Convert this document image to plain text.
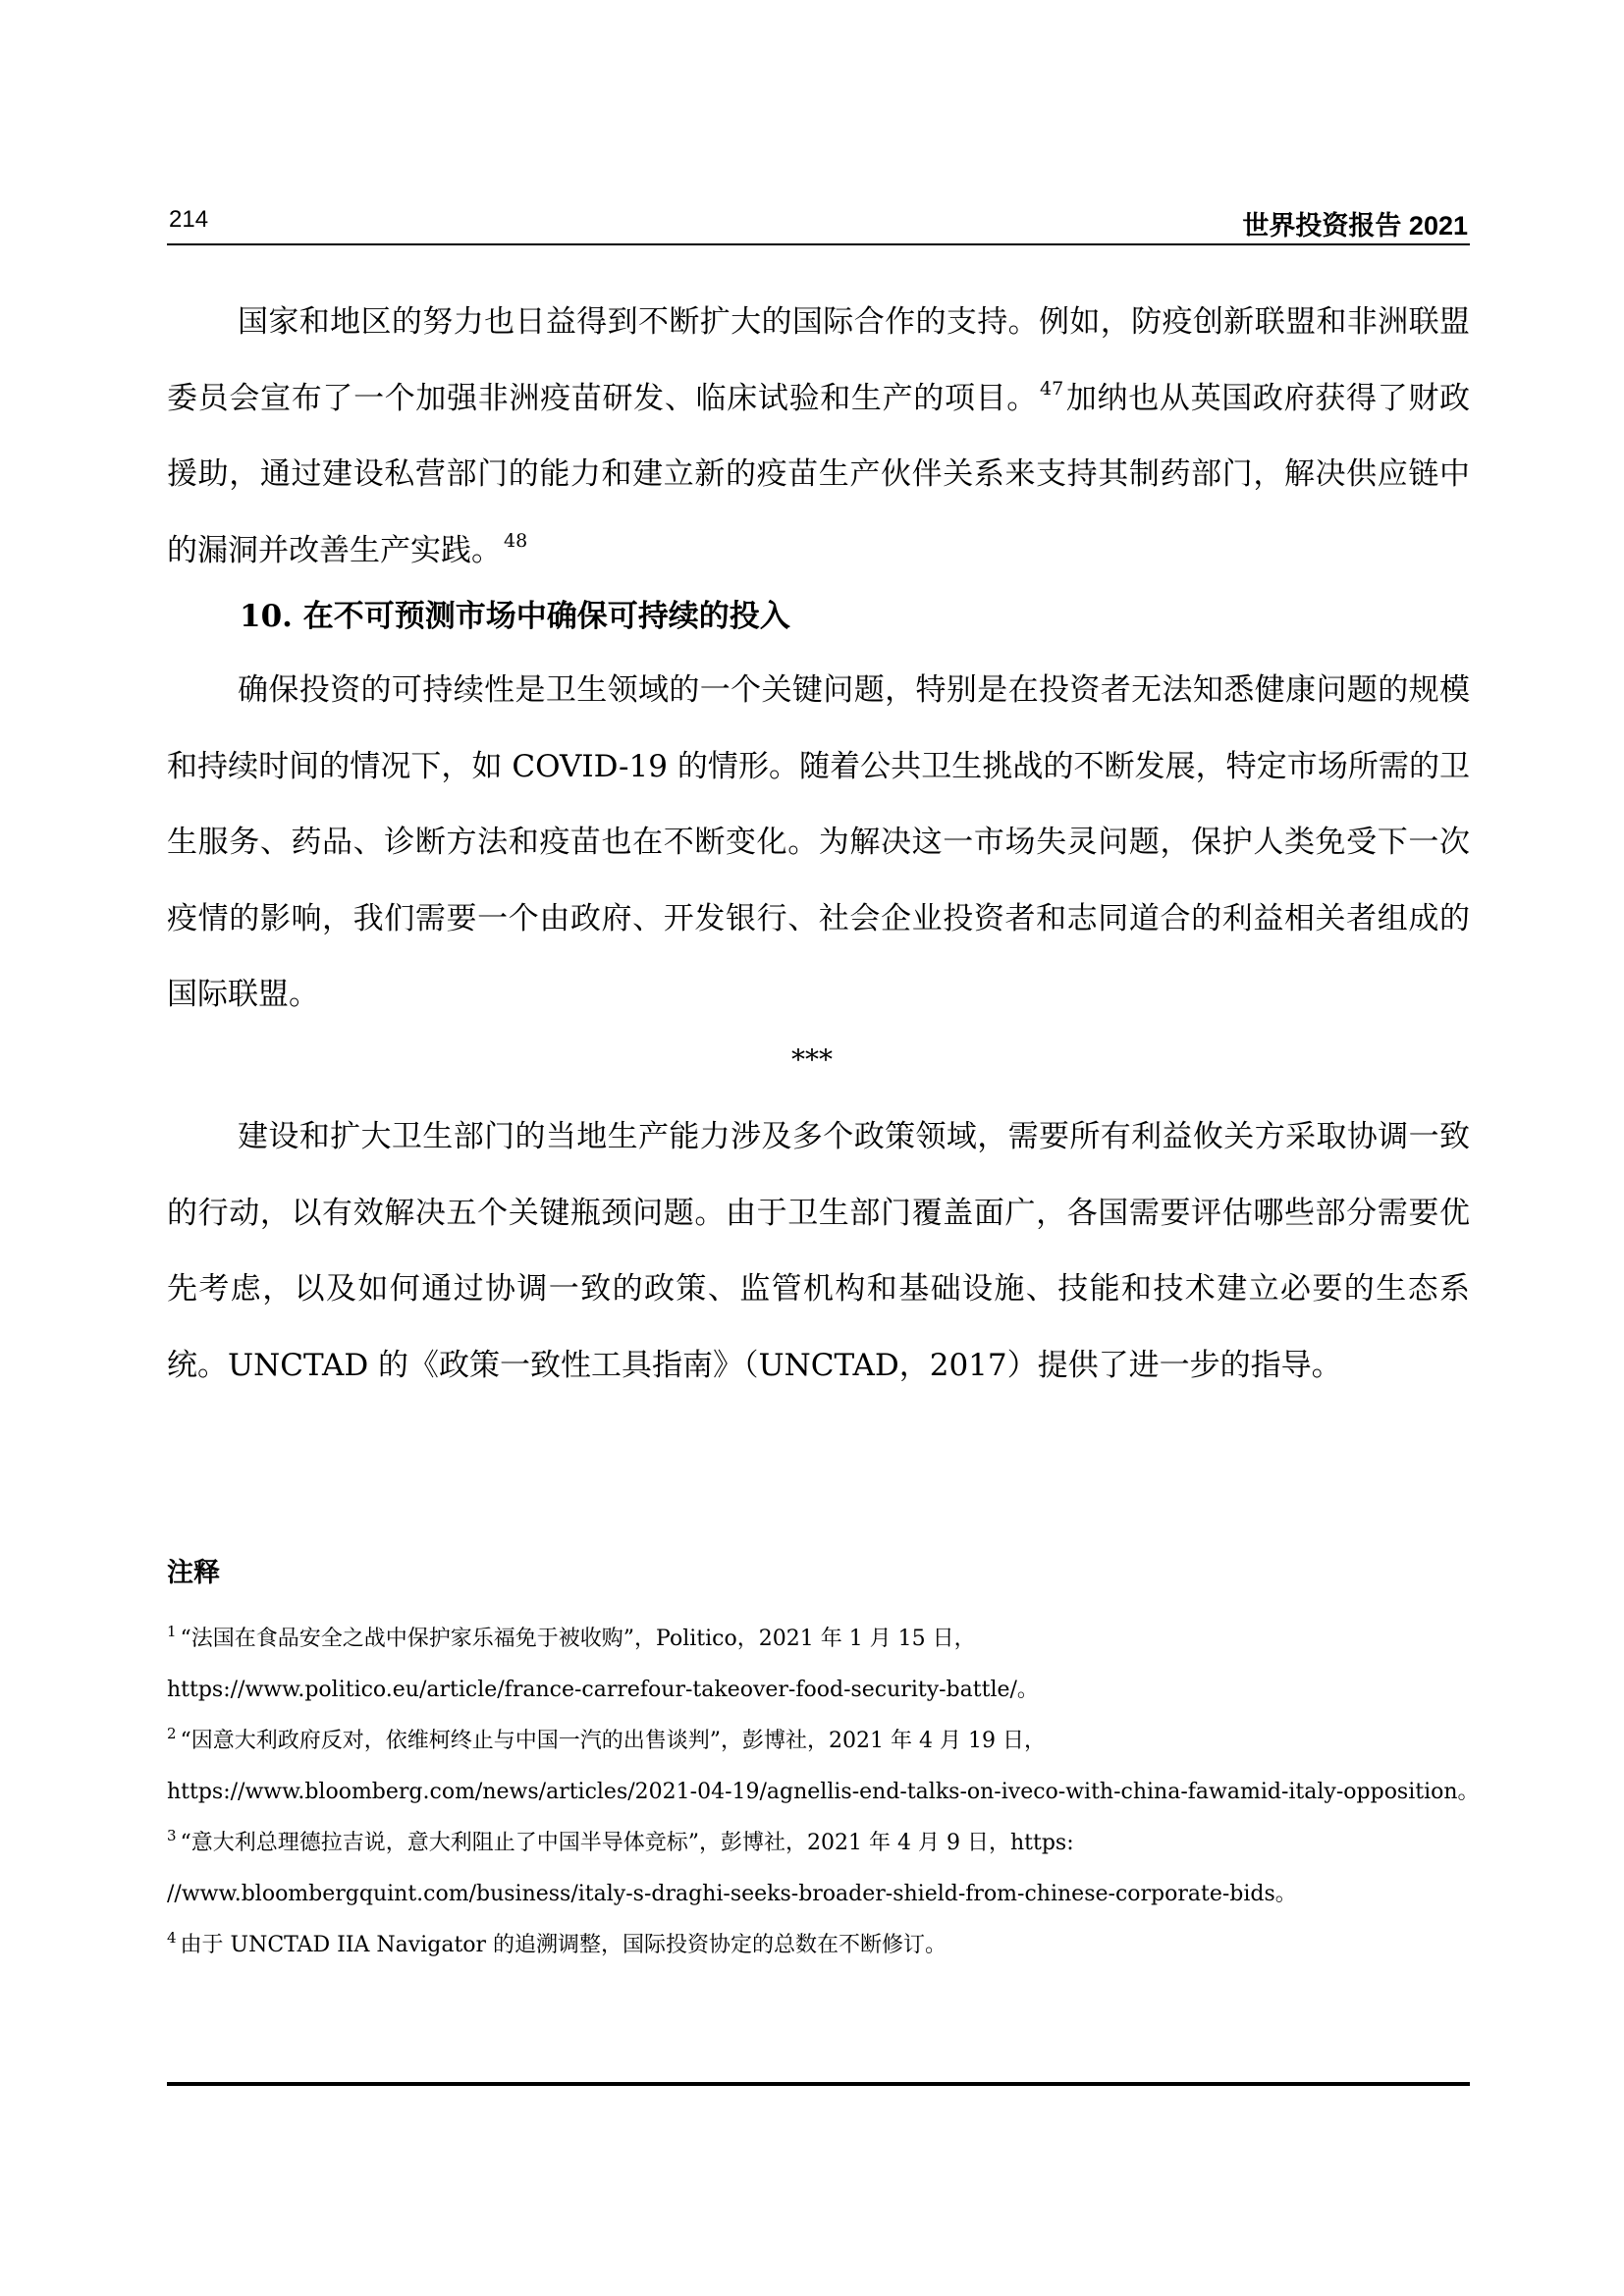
214	世界投资报告 2021

国家和地区的努力也日益得到不断扩大的国际合作的支持。例如，防疫创新联盟和非洲联盟委员会宣布了一个加强非洲疫苗研发、临床试验和生产的项目。 $^{47}$加纳也从英国政府获得了财政援助，通过建设私营部门的能力和建立新的疫苗生产伙伴关系来支持其制药部门，解决供应链中的漏洞并改善生产实践。 $^{48}$

10. 在不可预测市场中确保可持续的投入

确保投资的可持续性是卫生领域的一个关键问题，特别是在投资者无法知悉健康问题的规模和持续时间的情况下，如 COVID-19 的情形。随着公共卫生挑战的不断发展，特定市场所需的卫生服务、药品、诊断方法和疫苗也在不断变化。为解决这一市场失灵问题，保护人类免受下一次疫情的影响，我们需要一个由政府、开发银行、社会企业投资者和志同道合的利益相关者组成的国际联盟。

***

建设和扩大卫生部门的当地生产能力涉及多个政策领域，需要所有利益攸关方采取协调一致的行动，以有效解决五个关键瓶颈问题。由于卫生部门覆盖面广，各国需要评估哪些部分需要优先考虑，以及如何通过协调一致的政策、监管机构和基础设施、技能和技术建立必要的生态系统。UNCTAD 的《政策一致性工具指南》（UNCTAD，2017）提供了进一步的指导。

注释
$^1$ “法国在食品安全之战中保护家乐福免于被收购”，Politico，2021 年 1 月 15 日，
https://www.politico.eu/article/france-carrefour-takeover-food-security-battle/。
$^2$ “因意大利政府反对，依维柯终止与中国一汽的出售谈判”，彭博社，2021 年 4 月 19 日，
https://www.bloomberg.com/news/articles/2021-04-19/agnellis-end-talks-on-iveco-with-china-fawamid-italy-opposition。
$^3$ “意大利总理德拉吉说，意大利阻止了中国半导体竞标”，彭博社，2021 年 4 月 9 日，https:
//www.bloombergquint.com/business/italy-s-draghi-seeks-broader-shield-from-chinese-corporate-bids。
$^4$ 由于 UNCTAD IIA Navigator 的追溯调整，国际投资协定的总数在不断修订。
